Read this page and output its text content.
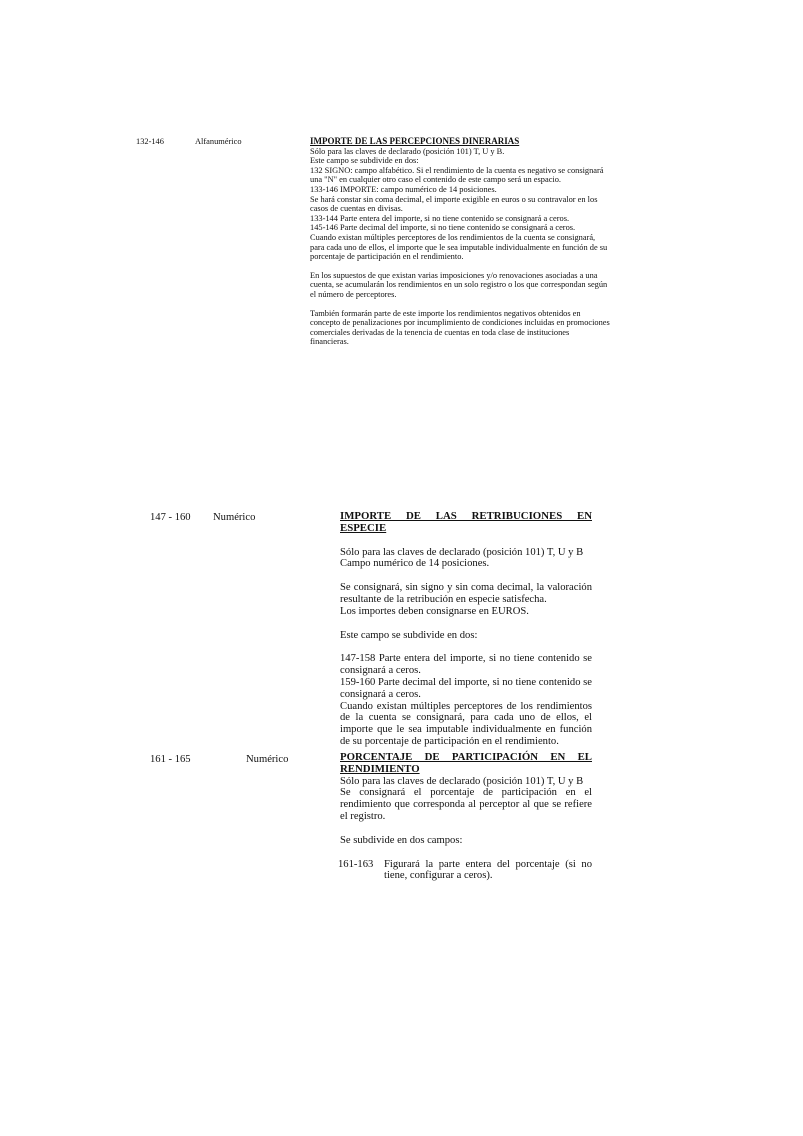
132-146	Alfanumérico	IMPORTE DE LAS PERCEPCIONES DINERARIAS

Sólo para las claves de declarado (posición 101) T, U y B.

Este campo se subdivide en dos:

132 SIGNO: campo alfabético. Si el rendimiento de la cuenta es negativo se consignará

una "N" en cualquier otro caso el contenido de este campo será un espacio.

133-146 IMPORTE: campo numérico de 14 posiciones.

Se hará constar sin coma decimal, el importe exigible en euros o su contravalor en los

casos de cuentas en divisas.

133-144 Parte entera del importe, si no tiene contenido se consignará a ceros.

145-146 Parte decimal del importe, si no tiene contenido se consignará a ceros.

Cuando existan múltiples perceptores de los rendimientos de la cuenta se consignará,

para cada uno de ellos, el importe que le sea imputable individualmente en función de su

porcentaje de participación en el rendimiento.

En los supuestos de que existan varias imposiciones y/o renovaciones asociadas a una

cuenta, se acumularán los rendimientos en un solo registro o los que correspondan según

el número de perceptores.

También formarán parte de este importe los rendimientos negativos obtenidos en

concepto de penalizaciones por incumplimiento de condiciones incluidas en promociones

comerciales derivadas de la tenencia de cuentas en toda clase de instituciones

financieras.

147 - 160 Numérico	IMPORTE DE LAS RETRIBUCIONES EN ESPECIE

Sólo para las claves de declarado (posición 101) T, U y B

Campo numérico de 14 posiciones.

Se consignará, sin signo y sin coma decimal, la valoración resultante de la retribución en especie satisfecha.

Los importes deben consignarse en EUROS.

Este campo se subdivide en dos:

147-158 Parte entera del importe, si no tiene contenido se consignará a ceros.

159-160 Parte decimal del importe, si no tiene contenido se consignará a ceros.

Cuando existan múltiples perceptores de los rendimientos de la cuenta se consignará, para cada uno de ellos, el importe que le sea imputable individualmente en función de su porcentaje de participación en el rendimiento.

161 - 165	Numérico	PORCENTAJE DE PARTICIPACIÓN EN EL

RENDIMIENTO

Sólo para las claves de declarado (posición 101) T, U y B

Se consignará el porcentaje de participación en el rendimiento que corresponda al perceptor al que se refiere el registro.

Se subdivide en dos campos:

161-163	Figurará la parte entera del porcentaje (si no tiene, configurar a ceros).
